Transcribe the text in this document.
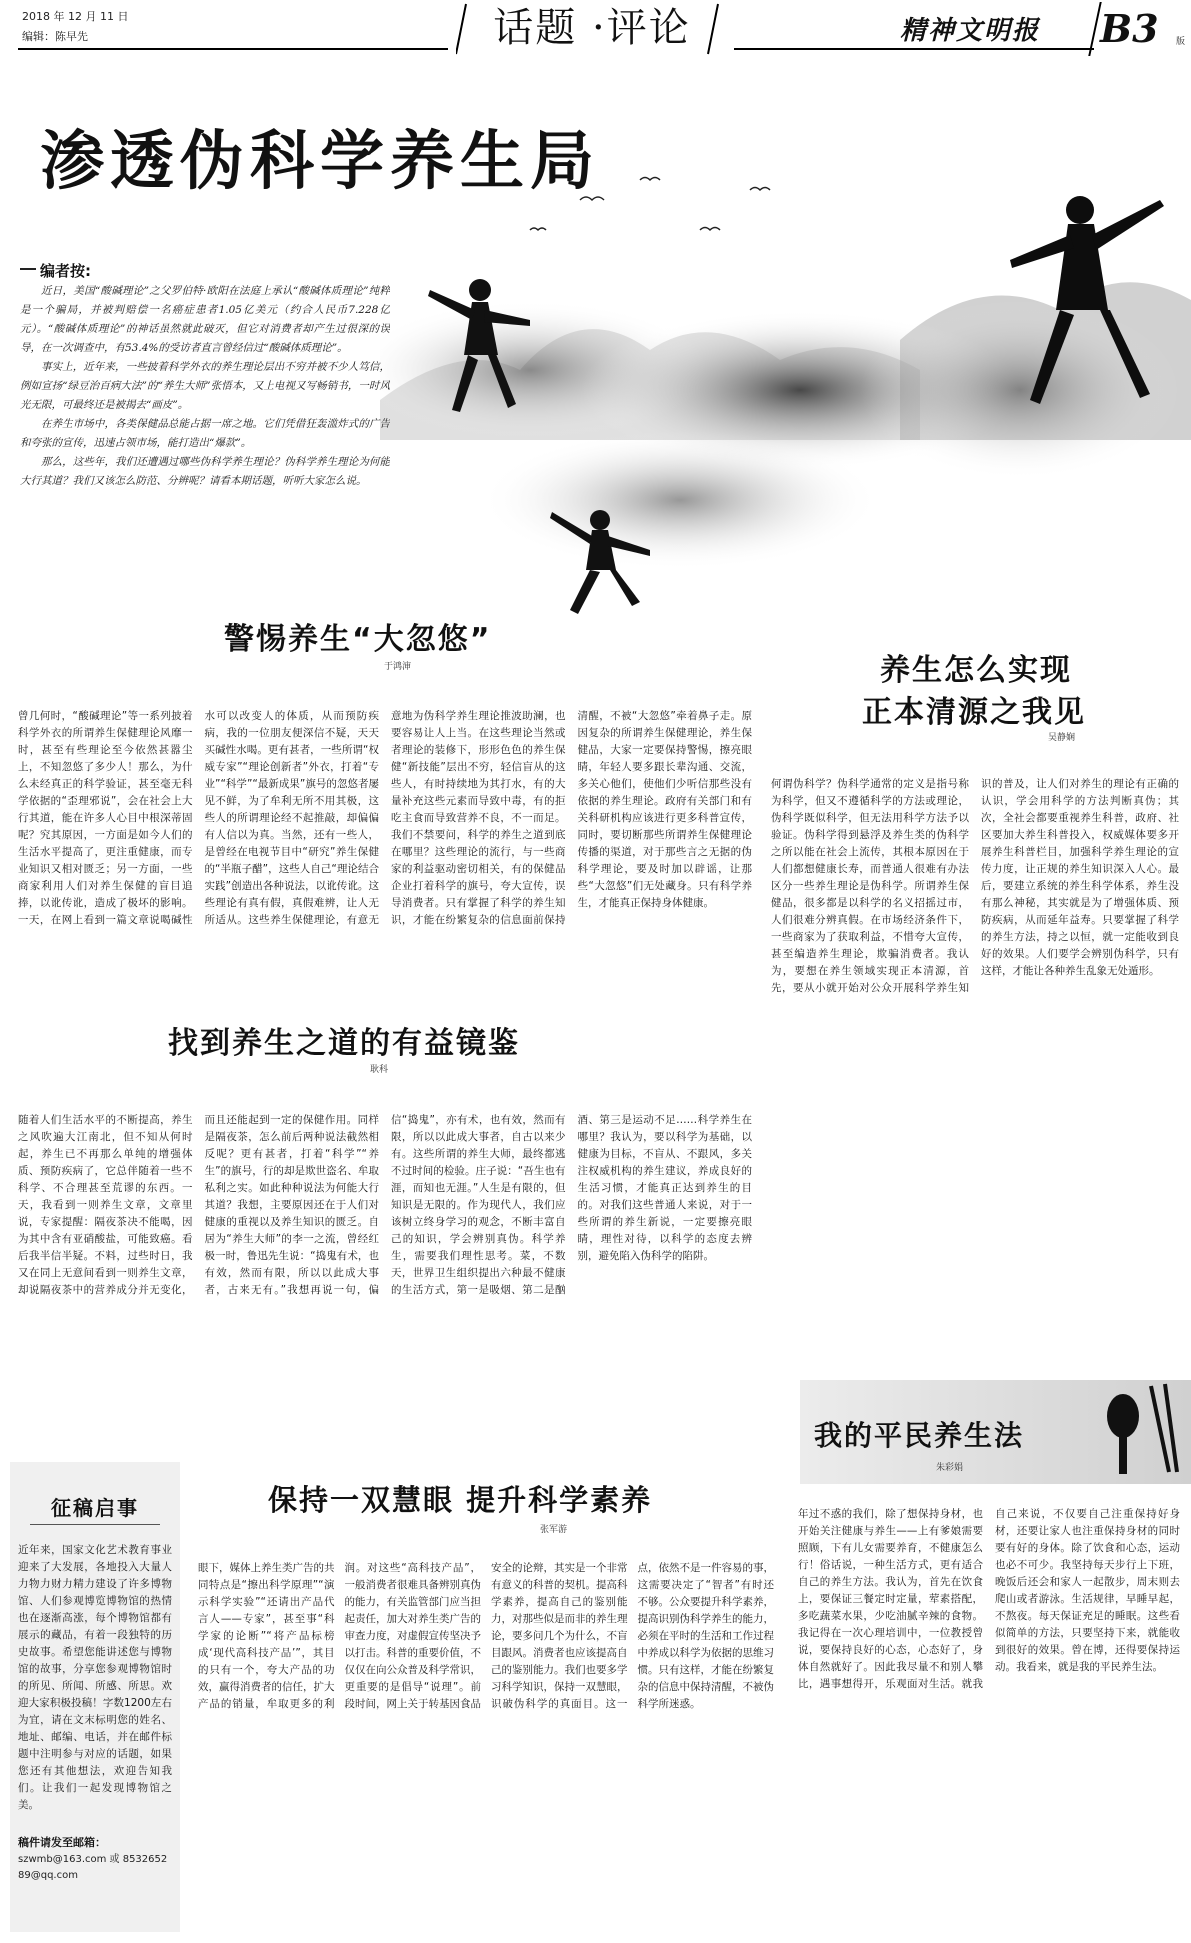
2018 年 12 月 11 日
编辑：陈早先	话题 ·评论	精神文明报 B3 版
渗透伪科学养生局
编者按:

近日，美国“酸碱理论”之父罗伯特·欧阳在法庭上承认“酸碱体质理论”纯粹是一个骗局，并被判赔偿一名癌症患者1.05亿美元（约合人民币7.228亿元）。“酸碱体质理论”的神话虽然就此破灭，但它对消费者却产生过很深的误导，在一次调查中，有53.4%的受访者直言曾经信过“酸碱体质理论”。

事实上，近年来，一些披着科学外衣的养生理论层出不穷并被不少人笃信，例如宣扬“绿豆治百病大法”的“养生大师”张悟本，又上电视又写畅销书，一时风光无限，可最终还是被揭去“画皮”。

在养生市场中，各类保健品总能占据一席之地。它们凭借狂轰滥炸式的广告和夸张的宣传，迅速占领市场，能打造出“爆款”。

那么，这些年，我们还遭遇过哪些伪科学养生理论？伪科学养生理论为何能大行其道？我们又该怎么防范、分辨呢？请看本期话题，听听大家怎么说。

警惕养生“大忽悠”
于鸿渖
曾几何时，“酸碱理论”等一系列披着科学外衣的所谓养生保健理论风靡一时，甚至有些理论至今依然甚嚣尘上，不知忽悠了多少人！那么，为什么未经真正的科学验证，甚至毫无科学依据的“歪理邪说”，会在社会上大行其道，能在许多人心目中根深蒂固呢？究其原因，一方面是如今人们的生活水平提高了，更注重健康，而专业知识又相对匮乏；另一方面，一些商家利用人们对养生保健的盲目追捧，以讹传讹，造成了极坏的影响。一天，在网上看到一篇文章说喝碱性水可以改变人的体质，从而预防疾病，我的一位朋友便深信不疑，天天买碱性水喝。更有甚者，一些所谓“权威专家”“理论创新者”外衣，打着“专业”“科学”“最新成果”旗号的忽悠者屡见不鲜，为了牟利无所不用其极，这些人的所谓理论经不起推敲，却偏偏有人信以为真。当然，还有一些人，是曾经在电视节目中“研究”养生保健的“半瓶子醋”，这些人自己“理论结合实践”创造出各种说法，以讹传讹。这些理论有真有假，真假难辨，让人无所适从。这些养生保健理论，有意无意地为伪科学养生理论推波助澜，也要容易让人上当。在这些理论当然或者理论的装修下，形形色色的养生保健“新技能”层出不穷，轻信盲从的这些人，有时持续地为其打水，有的大量补充这些元素而导致中毒，有的拒吃主食而导致营养不良，不一而足。我们不禁要问，科学的养生之道到底在哪里？这些理论的流行，与一些商家的利益驱动密切相关，有的保健品企业打着科学的旗号，夸大宣传，误导消费者。只有掌握了科学的养生知识，才能在纷繁复杂的信息面前保持清醒，不被“大忽悠”牵着鼻子走。原因复杂的所谓养生保健理论，养生保健品，大家一定要保持警惕，擦亮眼睛，年轻人要多跟长辈沟通、交流，多关心他们，使他们少听信那些没有依据的养生理论。政府有关部门和有关科研机构应该进行更多科普宣传，同时，要切断那些所谓养生保健理论传播的渠道，对于那些言之无据的伪科学理论，要及时加以辟谣，让那些“大忽悠”们无处藏身。只有科学养生，才能真正保持身体健康。
养生怎么实现
正本清源之我见
吴静娴
何谓伪科学？伪科学通常的定义是指号称为科学，但又不遵循科学的方法或理论，伪科学既似科学，但无法用科学方法予以验证。伪科学得到悬浮及养生类的伪科学之所以能在社会上流传，其根本原因在于人们都想健康长寿，而普通人很难有办法区分一些养生理论是伪科学。所谓养生保健品，很多都是以科学的名义招摇过市，人们很难分辨真假。在市场经济条件下，一些商家为了获取利益，不惜夸大宣传，甚至编造养生理论，欺骗消费者。我认为，要想在养生领域实现正本清源，首先，要从小就开始对公众开展科学养生知识的普及，让人们对养生的理论有正确的认识，学会用科学的方法判断真伪；其次，全社会都要重视养生科普，政府、社区要加大养生科普投入，权威媒体要多开展养生科普栏目，加强科学养生理论的宣传力度，让正规的养生知识深入人心。最后，要建立系统的养生科学体系，养生没有那么神秘，其实就是为了增强体质、预防疾病，从而延年益寿。只要掌握了科学的养生方法，持之以恒，就一定能收到良好的效果。人们要学会辨别伪科学，只有这样，才能让各种养生乱象无处遁形。
找到养生之道的有益镜鉴
耿科
随着人们生活水平的不断提高，养生之风吹遍大江南北，但不知从何时起，养生已不再那么单纯的增强体质、预防疾病了，它总伴随着一些不科学、不合理甚至荒谬的东西。一天，我看到一则养生文章，文章里说，专家提醒：隔夜茶决不能喝，因为其中含有亚硝酸盐，可能致癌。看后我半信半疑。不料，过些时日，我又在同上无意间看到一则养生文章，却说隔夜茶中的营养成分并无变化，而且还能起到一定的保健作用。同样是隔夜茶，怎么前后两种说法截然相反呢？更有甚者，打着“科学”“养生”的旗号，行的却是欺世盗名、牟取私利之实。如此种种说法为何能大行其道？我想，主要原因还在于人们对健康的重视以及养生知识的匮乏。自居为“养生大师”的李一之流，曾经红极一时，鲁迅先生说：“捣鬼有术，也有效，然而有限，所以以此成大事者，古来无有。”我想再说一句，偏信“捣鬼”，亦有术，也有效，然而有限，所以以此成大事者，自古以来少有。这些所谓的养生大师，最终都逃不过时间的检验。庄子说：“吾生也有涯，而知也无涯。”人生是有限的，但知识是无限的。作为现代人，我们应该树立终身学习的观念，不断丰富自己的知识，学会辨别真伪。科学养生，需要我们理性思考。菜，不数天，世界卫生组织提出六种最不健康的生活方式，第一是吸烟、第二是酗酒、第三是运动不足……科学养生在哪里？我认为，要以科学为基础，以健康为目标，不盲从、不跟风，多关注权威机构的养生建议，养成良好的生活习惯，才能真正达到养生的目的。对我们这些普通人来说，对于一些所谓的养生新说，一定要擦亮眼睛，理性对待，以科学的态度去辨别，避免陷入伪科学的陷阱。
我的平民养生法
朱彩娟
年过不惑的我们，除了想保持身材，也开始关注健康与养生——上有爹娘需要照顾，下有儿女需要养育，不健康怎么行！俗话说，一种生活方式，更有适合自己的养生方法。我认为，首先在饮食上，要保证三餐定时定量，荤素搭配，多吃蔬菜水果，少吃油腻辛辣的食物。我记得在一次心理培训中，一位教授曾说，要保持良好的心态，心态好了，身体自然就好了。因此我尽量不和别人攀比，遇事想得开，乐观面对生活。就我自己来说，不仅要自己注重保持好身材，还要让家人也注重保持身材的同时要有好的身体。除了饮食和心态，运动也必不可少。我坚持每天步行上下班，晚饭后还会和家人一起散步，周末则去爬山或者游泳。生活规律，早睡早起，不熬夜。每天保证充足的睡眠。这些看似简单的方法，只要坚持下来，就能收到很好的效果。曾在博，还得要保持运动。我看来，就是我的平民养生法。
征稿启事
近年来，国家文化艺术教育事业迎来了大发展，各地投入大量人力物力财力精力建设了许多博物馆、人们参观博览博物馆的热情也在逐渐高涨，每个博物馆都有展示的藏品，有着一段独特的历史故事。希望您能讲述您与博物馆的故事，分享您参观博物馆时的所见、所闻、所感、所思。欢迎大家积极投稿！字数1200左右为宜，请在文末标明您的姓名、地址、邮编、电话，并在邮件标题中注明参与对应的话题，如果您还有其他想法，欢迎告知我们。让我们一起发现博物馆之美。
稿件请发至邮箱：
szwmb@163.com 或 853265289@qq.com
保持一双慧眼 提升科学素养
张军游
眼下，媒体上养生类广告的共同特点是“擦出科学原理”“演示科学实验”“还请出产品代言人——专家”，甚至事“科学家的论断”“将产品标榜成‘现代高科技产品’”，其目的只有一个，夸大产品的功效，赢得消费者的信任，扩大产品的销量，牟取更多的利润。对这些“高科技产品”，一般消费者很难具备辨别真伪的能力，有关监管部门应当担起责任，加大对养生类广告的审查力度，对虚假宣传坚决予以打击。科普的重要价值，不仅仅在向公众普及科学常识，更重要的是倡导“说理”。前段时间，网上关于转基因食品安全的论辩，其实是一个非常有意义的科普的契机。提高科学素养，提高自己的鉴别能力，对那些似是而非的养生理论，要多问几个为什么，不盲目跟风。消费者也应该提高自己的鉴别能力。我们也要多学习科学知识，保持一双慧眼，识破伪科学的真面目。这一点，依然不是一件容易的事，这需要决定了“智者”有时还不够。公众要提升科学素养，提高识别伪科学养生的能力，必须在平时的生活和工作过程中养成以科学为依据的思维习惯。只有这样，才能在纷繁复杂的信息中保持清醒，不被伪科学所迷惑。
